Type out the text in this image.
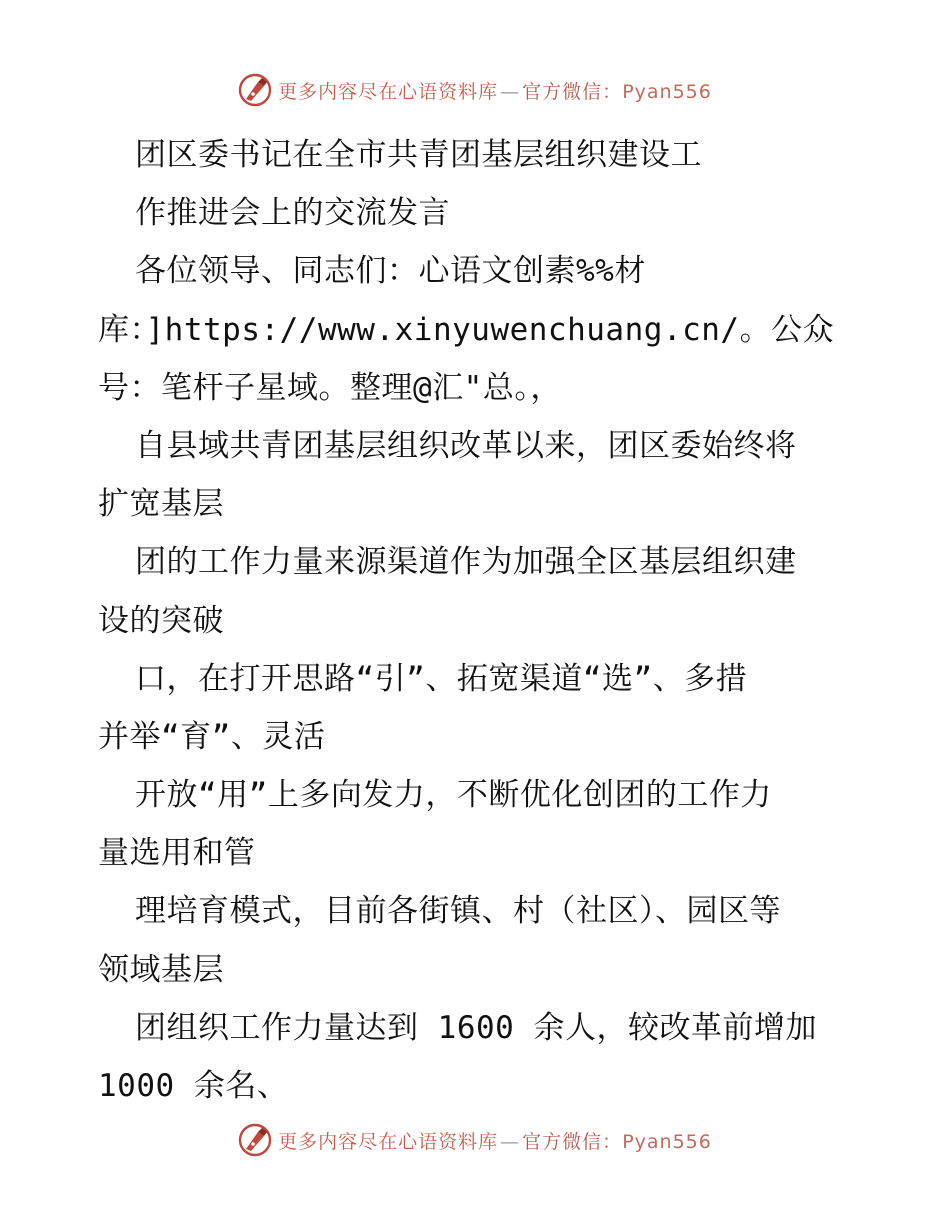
更多内容尽在心语资料库 — 官方微信：Pyan556
团区委书记在全市共青团基层组织建设工
作推进会上的交流发言
各位领导、同志们：心语文创素%%材
库：]https://www.xinyuwenchuang.cn/。公众
号：笔杆子星域。整理@汇"总。，
自县域共青团基层组织改革以来，团区委始终将
扩宽基层
团的工作力量来源渠道作为加强全区基层组织建
设的突破
口，在打开思路“引”、拓宽渠道“选”、多措
并举“育”、灵活
开放“用”上多向发力，不断优化创团的工作力
量选用和管
理培育模式，目前各街镇、村（社区）、园区等
领域基层
团组织工作力量达到 1600 余人，较改革前增加
1000 余名、
更多内容尽在心语资料库 — 官方微信：Pyan556
